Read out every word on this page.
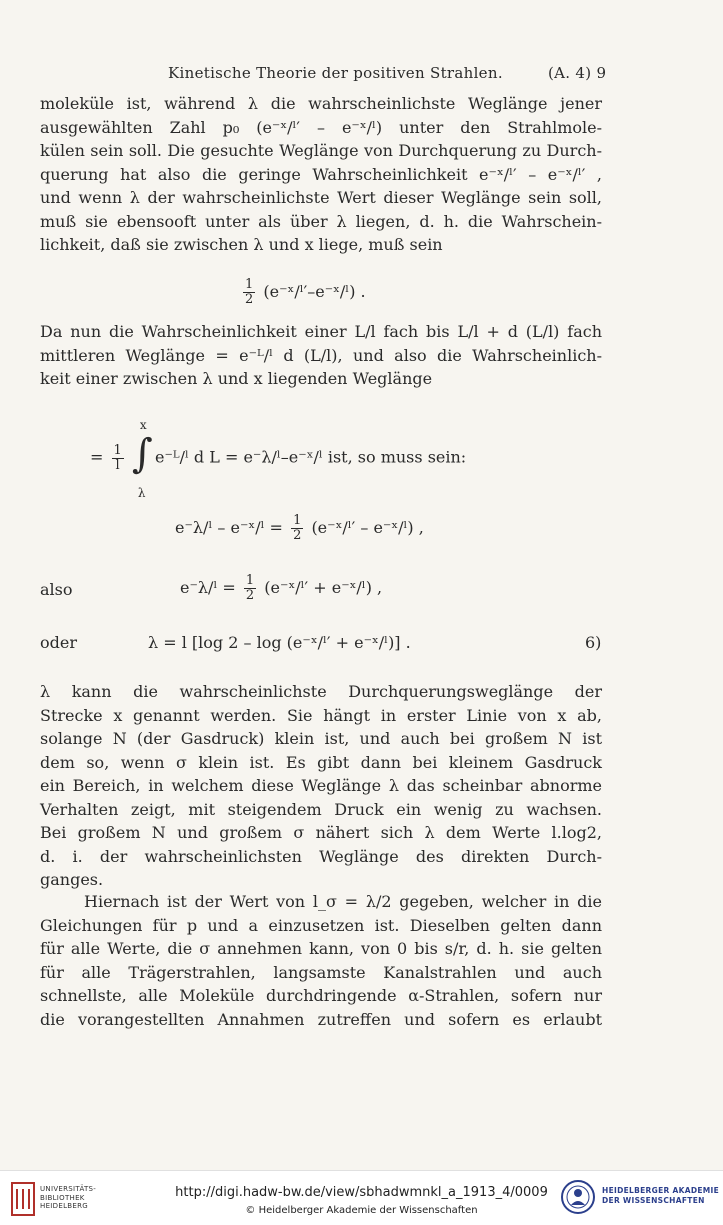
Kinetische Theorie der positiven Strahlen.	(A. 4) 9
moleküle ist, während λ die wahrscheinlichste Weglänge jener
ausgewählten Zahl p₀ (e⁻ˣ/ˡ′ – e⁻ˣ/ˡ) unter den Strahlmole-
külen sein soll. Die gesuchte Weglänge von Durchquerung zu Durch-
querung hat also die geringe Wahrscheinlichkeit e⁻ˣ/ˡ′ – e⁻ˣ/ˡ′ ,
und wenn λ der wahrscheinlichste Wert dieser Weglänge sein soll,
muß sie ebensooft unter als über λ liegen, d. h. die Wahrschein-
lichkeit, daß sie zwischen λ und x liege, muß sein
$\frac{1}{2}$ (e⁻ˣ/ˡ′–e⁻ˣ/ˡ) .
Da nun die Wahrscheinlichkeit einer L/l fach bis L/l + d (L/l) fach
mittleren Weglänge = e⁻ᴸ/ˡ d (L/l), und also die Wahrscheinlich-
keit einer zwischen λ und x liegenden Weglänge
= $\frac{1}{l}$
∫
x
λ
e⁻ᴸ/ˡ d L = e⁻λ/ˡ–e⁻ˣ/ˡ ist, so muss sein:
e⁻λ/ˡ – e⁻ˣ/ˡ = $\frac{1}{2}$ (e⁻ˣ/ˡ′ – e⁻ˣ/ˡ) ,
also	e⁻λ/ˡ = $\frac{1}{2}$ (e⁻ˣ/ˡ′ + e⁻ˣ/ˡ) ,
oder	λ = l [log 2 – log (e⁻ˣ/ˡ′ + e⁻ˣ/ˡ)] .	6)
λ kann die wahrscheinlichste Durchquerungsweglänge der
Strecke x genannt werden. Sie hängt in erster Linie von x ab,
solange N (der Gasdruck) klein ist, und auch bei großem N ist
dem so, wenn σ klein ist. Es gibt dann bei kleinem Gasdruck
ein Bereich, in welchem diese Weglänge λ das scheinbar abnorme
Verhalten zeigt, mit steigendem Druck ein wenig zu wachsen.
Bei großem N und großem σ nähert sich λ dem Werte l.log2,
d. i. der wahrscheinlichsten Weglänge des direkten Durch-
ganges.
Hiernach ist der Wert von l_σ = λ/2 gegeben, welcher in die
Gleichungen für p und a einzusetzen ist. Dieselben gelten dann
für alle Werte, die σ annehmen kann, von 0 bis s/r, d. h. sie gelten
für alle Trägerstrahlen, langsamste Kanalstrahlen und auch
schnellste, alle Moleküle durchdringende α-Strahlen, sofern nur
die vorangestellten Annahmen zutreffen und sofern es erlaubt
UNIVERSITÄTS-
BIBLIOTHEK
HEIDELBERG
http://digi.hadw-bw.de/view/sbhadwmnkl_a_1913_4/0009
© Heidelberger Akademie der Wissenschaften
HEIDELBERGER AKADEMIE
DER WISSENSCHAFTEN
